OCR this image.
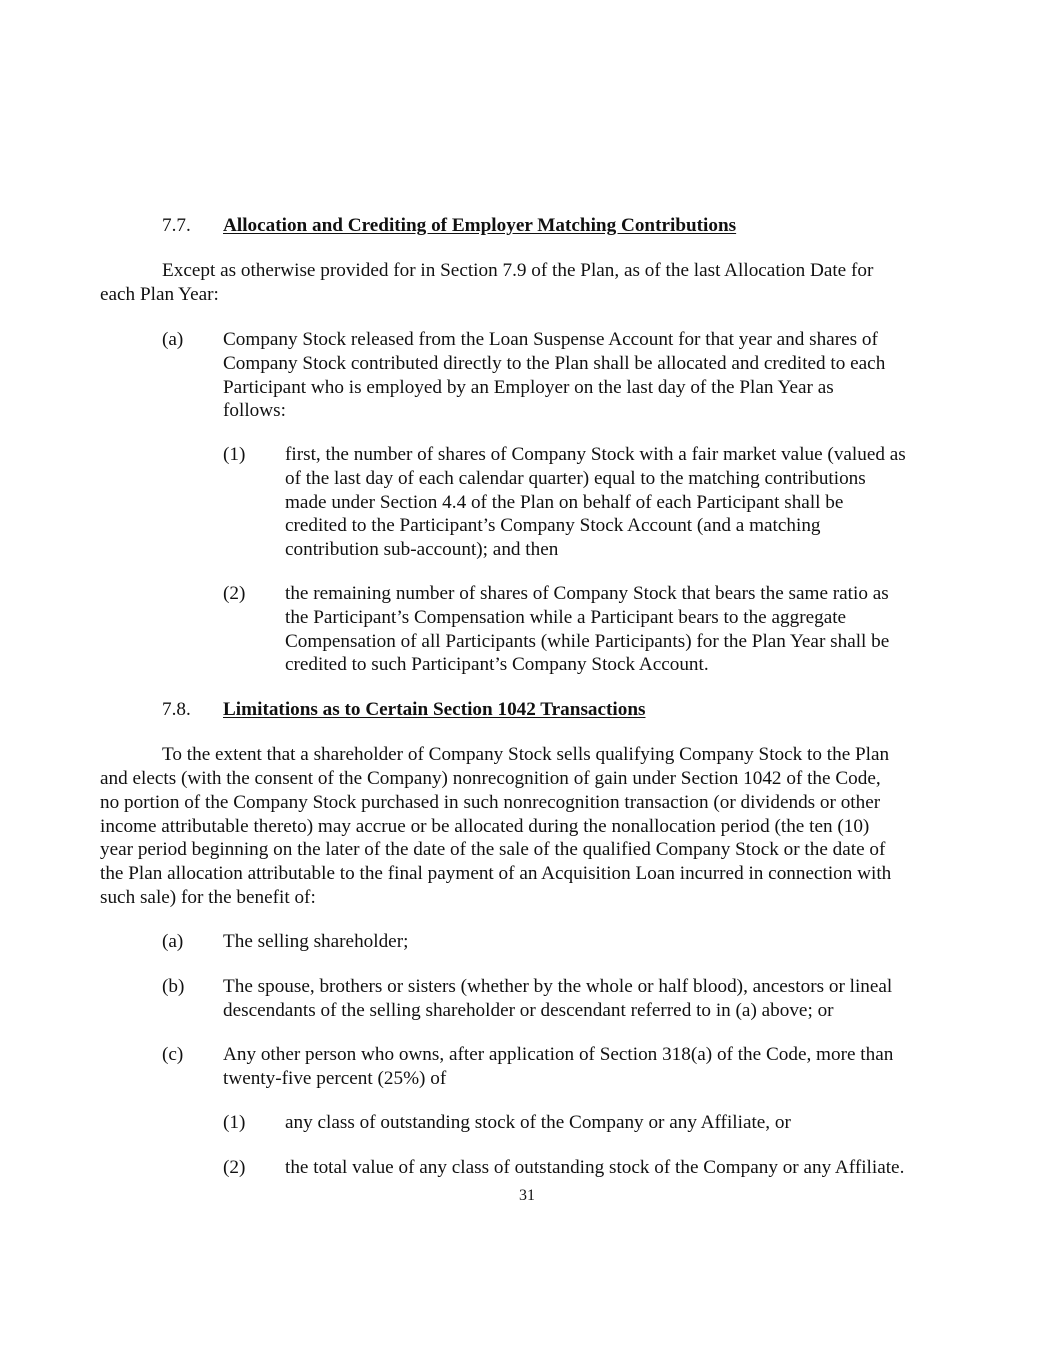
7.7. Allocation and Crediting of Employer Matching Contributions
Except as otherwise provided for in Section 7.9 of the Plan, as of the last Allocation Date for
each Plan Year:
(a) Company Stock released from the Loan Suspense Account for that year and shares of

Company Stock contributed directly to the Plan shall be allocated and credited to each

Participant who is employed by an Employer on the last day of the Plan Year as

follows:

(1) first, the number of shares of Company Stock with a fair market value (valued as

of the last day of each calendar quarter) equal to the matching contributions

made under Section 4.4 of the Plan on behalf of each Participant shall be

credited to the Participant’s Company Stock Account (and a matching

contribution sub-account); and then

(2) the remaining number of shares of Company Stock that bears the same ratio as

the Participant’s Compensation while a Participant bears to the aggregate

Compensation of all Participants (while Participants) for the Plan Year shall be

credited to such Participant’s Company Stock Account.

7.8. Limitations as to Certain Section 1042 Transactions
To the extent that a shareholder of Company Stock sells qualifying Company Stock to the Plan

and elects (with the consent of the Company) nonrecognition of gain under Section 1042 of the Code,

no portion of the Company Stock purchased in such nonrecognition transaction (or dividends or other

income attributable thereto) may accrue or be allocated during the nonallocation period (the ten (10)

year period beginning on the later of the date of the sale of the qualified Company Stock or the date of

the Plan allocation attributable to the final payment of an Acquisition Loan incurred in connection with

such sale) for the benefit of:

(a) The selling shareholder;
(b) The spouse, brothers or sisters (whether by the whole or half blood), ancestors or lineal

descendants of the selling shareholder or descendant referred to in (a) above; or

(c) Any other person who owns, after application of Section 318(a) of the Code, more than

twenty-five percent (25%) of

(1) any class of outstanding stock of the Company or any Affiliate, or
(2) the total value of any class of outstanding stock of the Company or any Affiliate.
31
